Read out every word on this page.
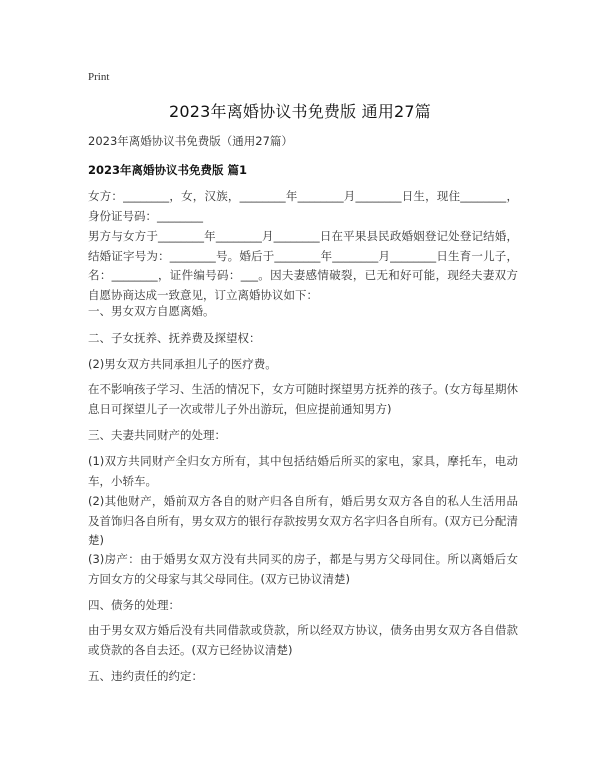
Print
2023年离婚协议书免费版 通用27篇

2023年离婚协议书免费版（通用27篇）

2023年离婚协议书免费版 篇1

女方：________，女，汉族，________年________月________日生，现住________，身份证号码：________

男方与女方于________年________月________日在平果县民政婚姻登记处登记结婚，结婚证字号为：________号。婚后于________年________月________日生育一儿子，名：________，证件编号码：___。因夫妻感情破裂，已无和好可能，现经夫妻双方自愿协商达成一致意见，订立离婚协议如下：

一、男女双方自愿离婚。

二、子女抚养、抚养费及探望权：

(2)男女双方共同承担儿子的医疗费。

在不影响孩子学习、生活的情况下，女方可随时探望男方抚养的孩子。(女方每星期休息日可探望儿子一次或带儿子外出游玩，但应提前通知男方)

三、夫妻共同财产的处理：

(1)双方共同财产全归女方所有，其中包括结婚后所买的家电，家具，摩托车，电动车，小轿车。

(2)其他财产，婚前双方各自的财产归各自所有，婚后男女双方各自的私人生活用品及首饰归各自所有，男女双方的银行存款按男女双方名字归各自所有。(双方已分配清楚)

(3)房产：由于婚男女双方没有共同买的房子，都是与男方父母同住。所以离婚后女方回女方的父母家与其父母同住。(双方已协议清楚)

四、债务的处理：

由于男女双方婚后没有共同借款或贷款，所以经双方协议，债务由男女双方各自借款或贷款的各自去还。(双方已经协议清楚)

五、违约责任的约定：
